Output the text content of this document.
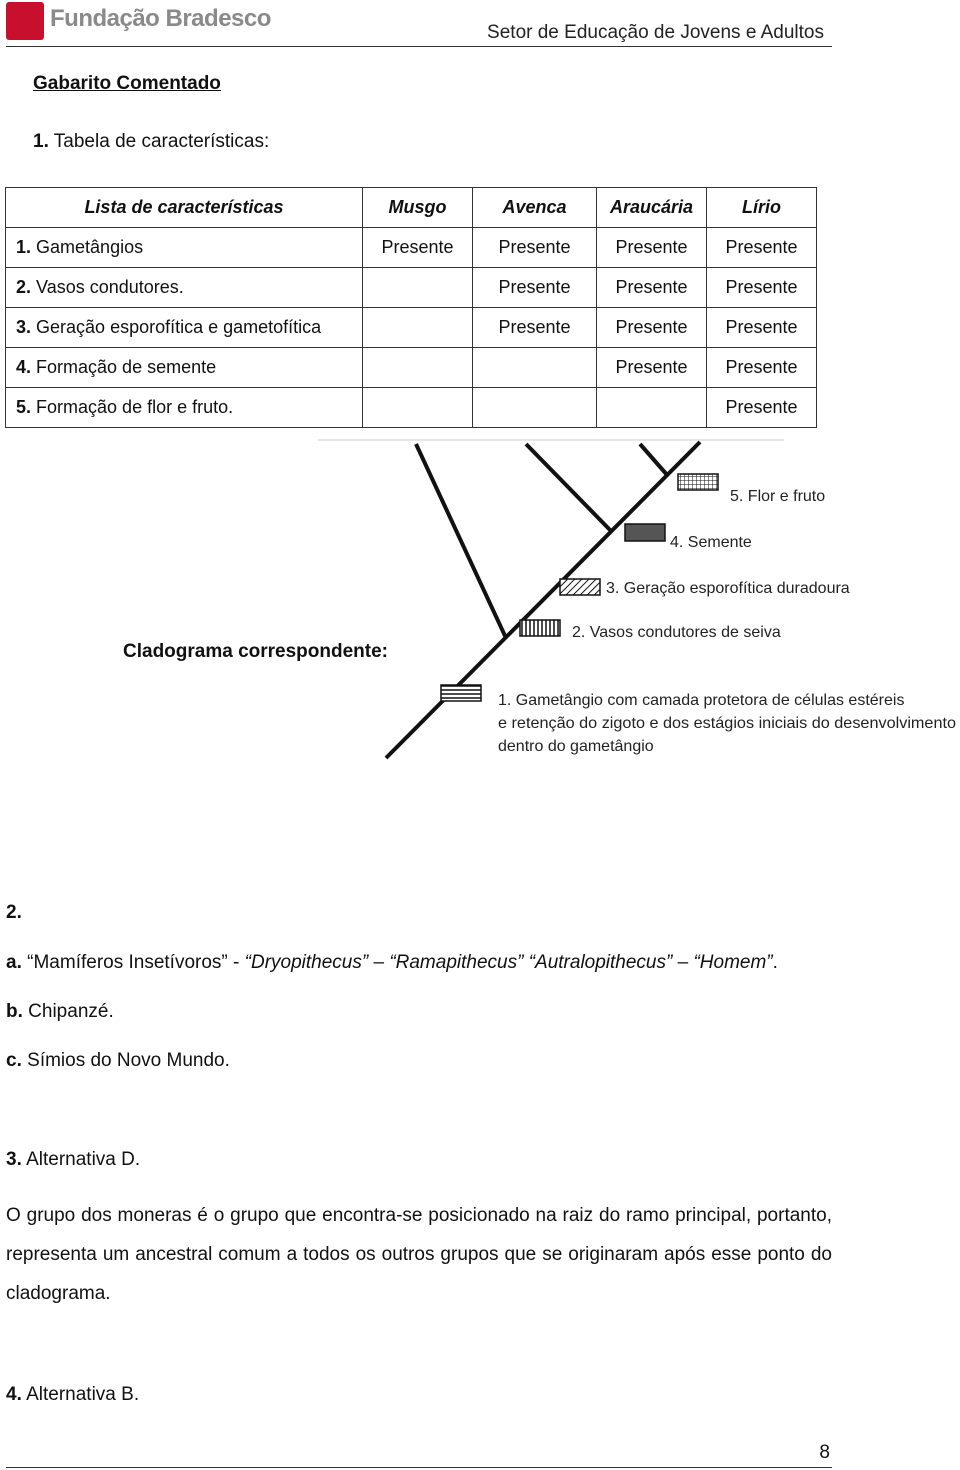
Fundação Bradesco
Setor de Educação de Jovens e Adultos
Gabarito Comentado
1. Tabela de características:
Lista de características	Musgo	Avenca	Araucária	Lírio
1. Gametângios	Presente	Presente	Presente	Presente
2. Vasos condutores.		Presente	Presente	Presente
3. Geração esporofítica e gametofítica		Presente	Presente	Presente
4. Formação de semente			Presente	Presente
5. Formação de flor e fruto.				Presente
Cladograma correspondente:
5. Flor e fruto
4. Semente
3. Geração esporofítica duradoura
2. Vasos condutores de seiva
1. Gametângio com camada protetora de células estéreis
e retenção do zigoto e dos estágios iniciais do desenvolvimento
dentro do gametângio
2.
a. “Mamíferos Insetívoros” - “Dryopithecus” – “Ramapithecus” “Autralopithecus” – “Homem”.
b. Chipanzé.
c. Símios do Novo Mundo.
3. Alternativa D.
O grupo dos moneras é o grupo que encontra-se posicionado na raiz do ramo principal, portanto, representa um ancestral comum a todos os outros grupos que se originaram após esse ponto do cladograma.
4. Alternativa B.
8
